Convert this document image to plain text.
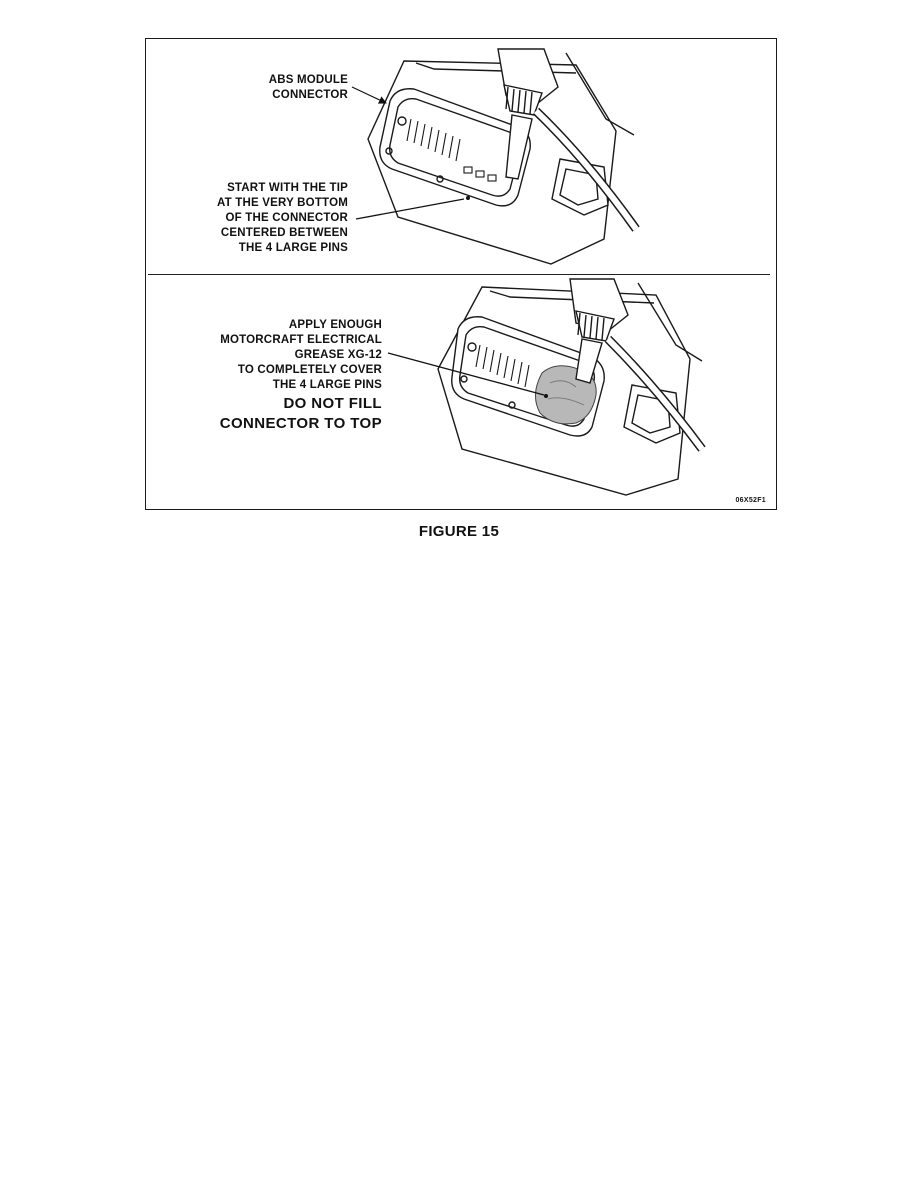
ABS MODULE
CONNECTOR
START WITH THE TIP
AT THE VERY BOTTOM
OF THE CONNECTOR
CENTERED BETWEEN
THE 4 LARGE PINS
APPLY ENOUGH
MOTORCRAFT ELECTRICAL
GREASE XG-12
TO COMPLETELY COVER
THE 4 LARGE PINS
DO NOT FILL
CONNECTOR TO TOP
06X52F1
FIGURE 15
